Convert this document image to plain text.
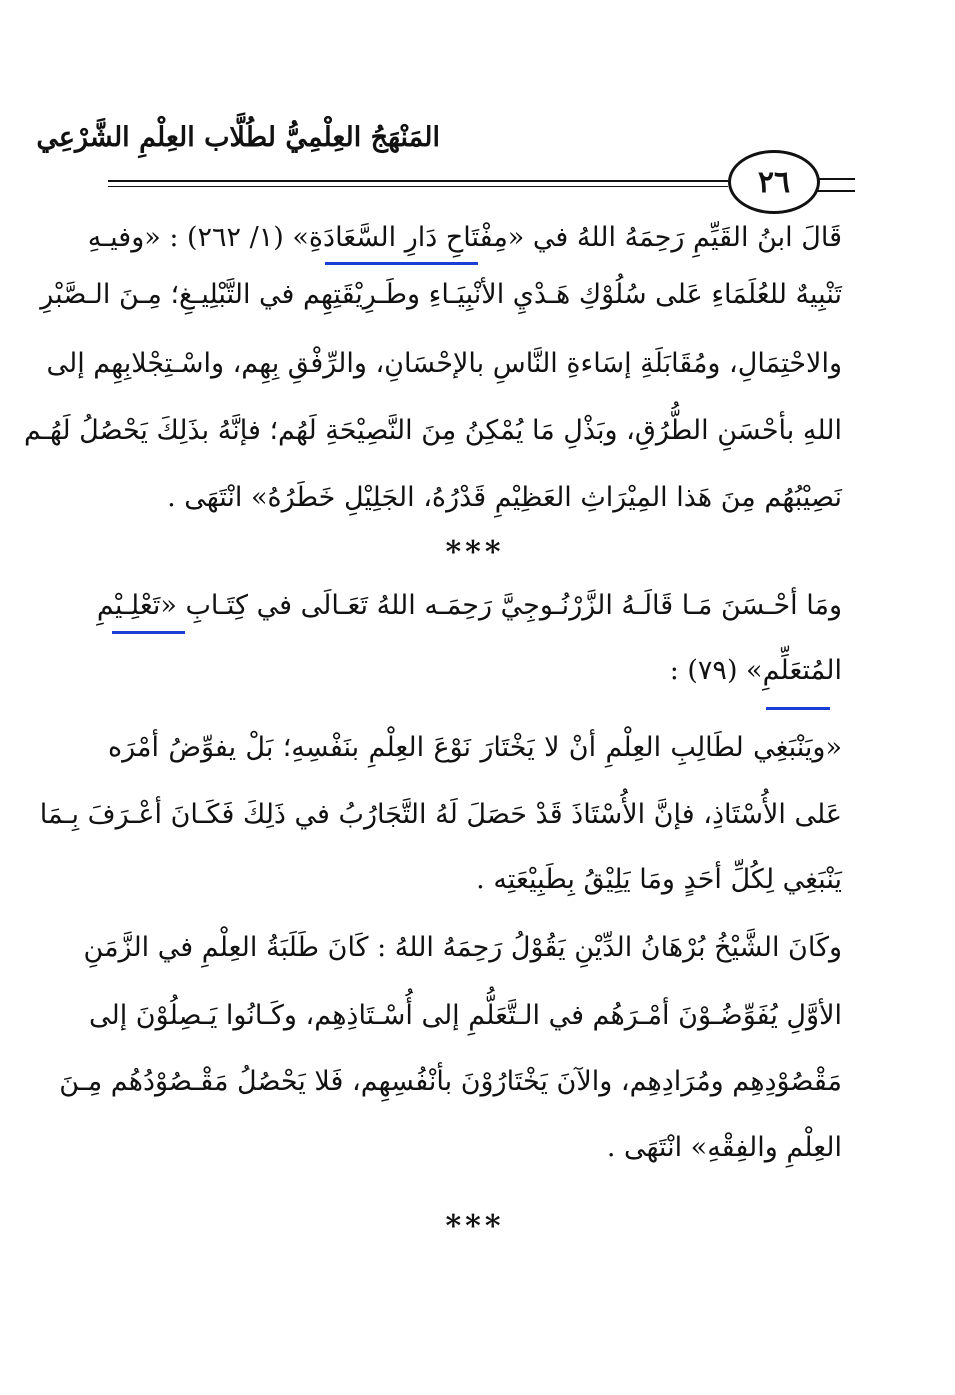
المَنْهَجُ العِلْمِيُّ لطُلَّاب العِلْمِ الشَّرْعِي
٢٦
قَالَ ابنُ القَيِّمِ رَحِمَهُ اللهُ في «مِفْتَاحِ دَارِ السَّعَادَةِ» (١/ ٢٦٢) : «وفيـهِ
تَنْبِيهٌ للعُلَمَاءِ عَلى سُلُوْكِ هَـدْيِ الأنْبِيَـاءِ وطَـرِيْقَتِهِم في التَّبْلِيـغِ؛ مِـنَ الـصَّبْرِ
والاحْتِمَالِ، ومُقَابَلَةِ إسَاءةِ النَّاسِ بالإحْسَانِ، والرِّفْقِ بِهِم، واسْـتِجْلابِهِم إلى
اللهِ بأحْسَنِ الطُّرُقِ، وبَذْلِ مَا يُمْكِنُ مِنَ النَّصِيْحَةِ لَهُم؛ فإنَّهُ بذَلِكَ يَحْصُلُ لَهُـم
نَصِيْبُهُم مِنَ هَذا المِيْرَاثِ العَظِيْمِ قَدْرُهُ، الجَلِيْلِ خَطَرُهُ» انْتَهَى .
***
ومَا أحْـسَنَ مَـا قَالَـهُ الزَّرْنُـوجِيَّ رَحِمَـه اللهُ تَعَـالَى في كِتَـابِ «تَعْلِـيْمِ
المُتعَلِّمِ» (٧٩) :
«ويَنْبَغِي لطَالِبِ العِلْمِ أنْ لا يَخْتَارَ نَوْعَ العِلْمِ بنَفْسِهِ؛ بَلْ يفوِّضُ أمْرَه
عَلى الأُسْتَاذِ، فإنَّ الأُسْتَاذَ قَدْ حَصَلَ لَهُ التَّجَارُبُ في ذَلِكَ فَكَـانَ أعْـرَفَ بِـمَا
يَنْبَغِي لِكُلِّ أحَدٍ ومَا يَلِيْقُ بِطَبِيْعَتِه .
وكَانَ الشَّيْخُ بُرْهَانُ الدِّيْنِ يَقُوْلُ رَحِمَهُ اللهُ : كَانَ طَلَبَةُ العِلْمِ في الزَّمَنِ
الأوَّلِ يُفَوِّضُـوْنَ أمْـرَهُم في الـتَّعَلُّمِ إلى أُسْـتَاذِهِم، وكَـانُوا يَـصِلُوْنَ إلى
مَقْصُوْدِهِم ومُرَادِهِم، والآنَ يَخْتَارُوْنَ بأنْفُسِهِم، فَلا يَحْصُلُ مَقْـصُوْدُهُم مِـنَ
العِلْمِ والفِقْهِ» انْتَهَى .
***
